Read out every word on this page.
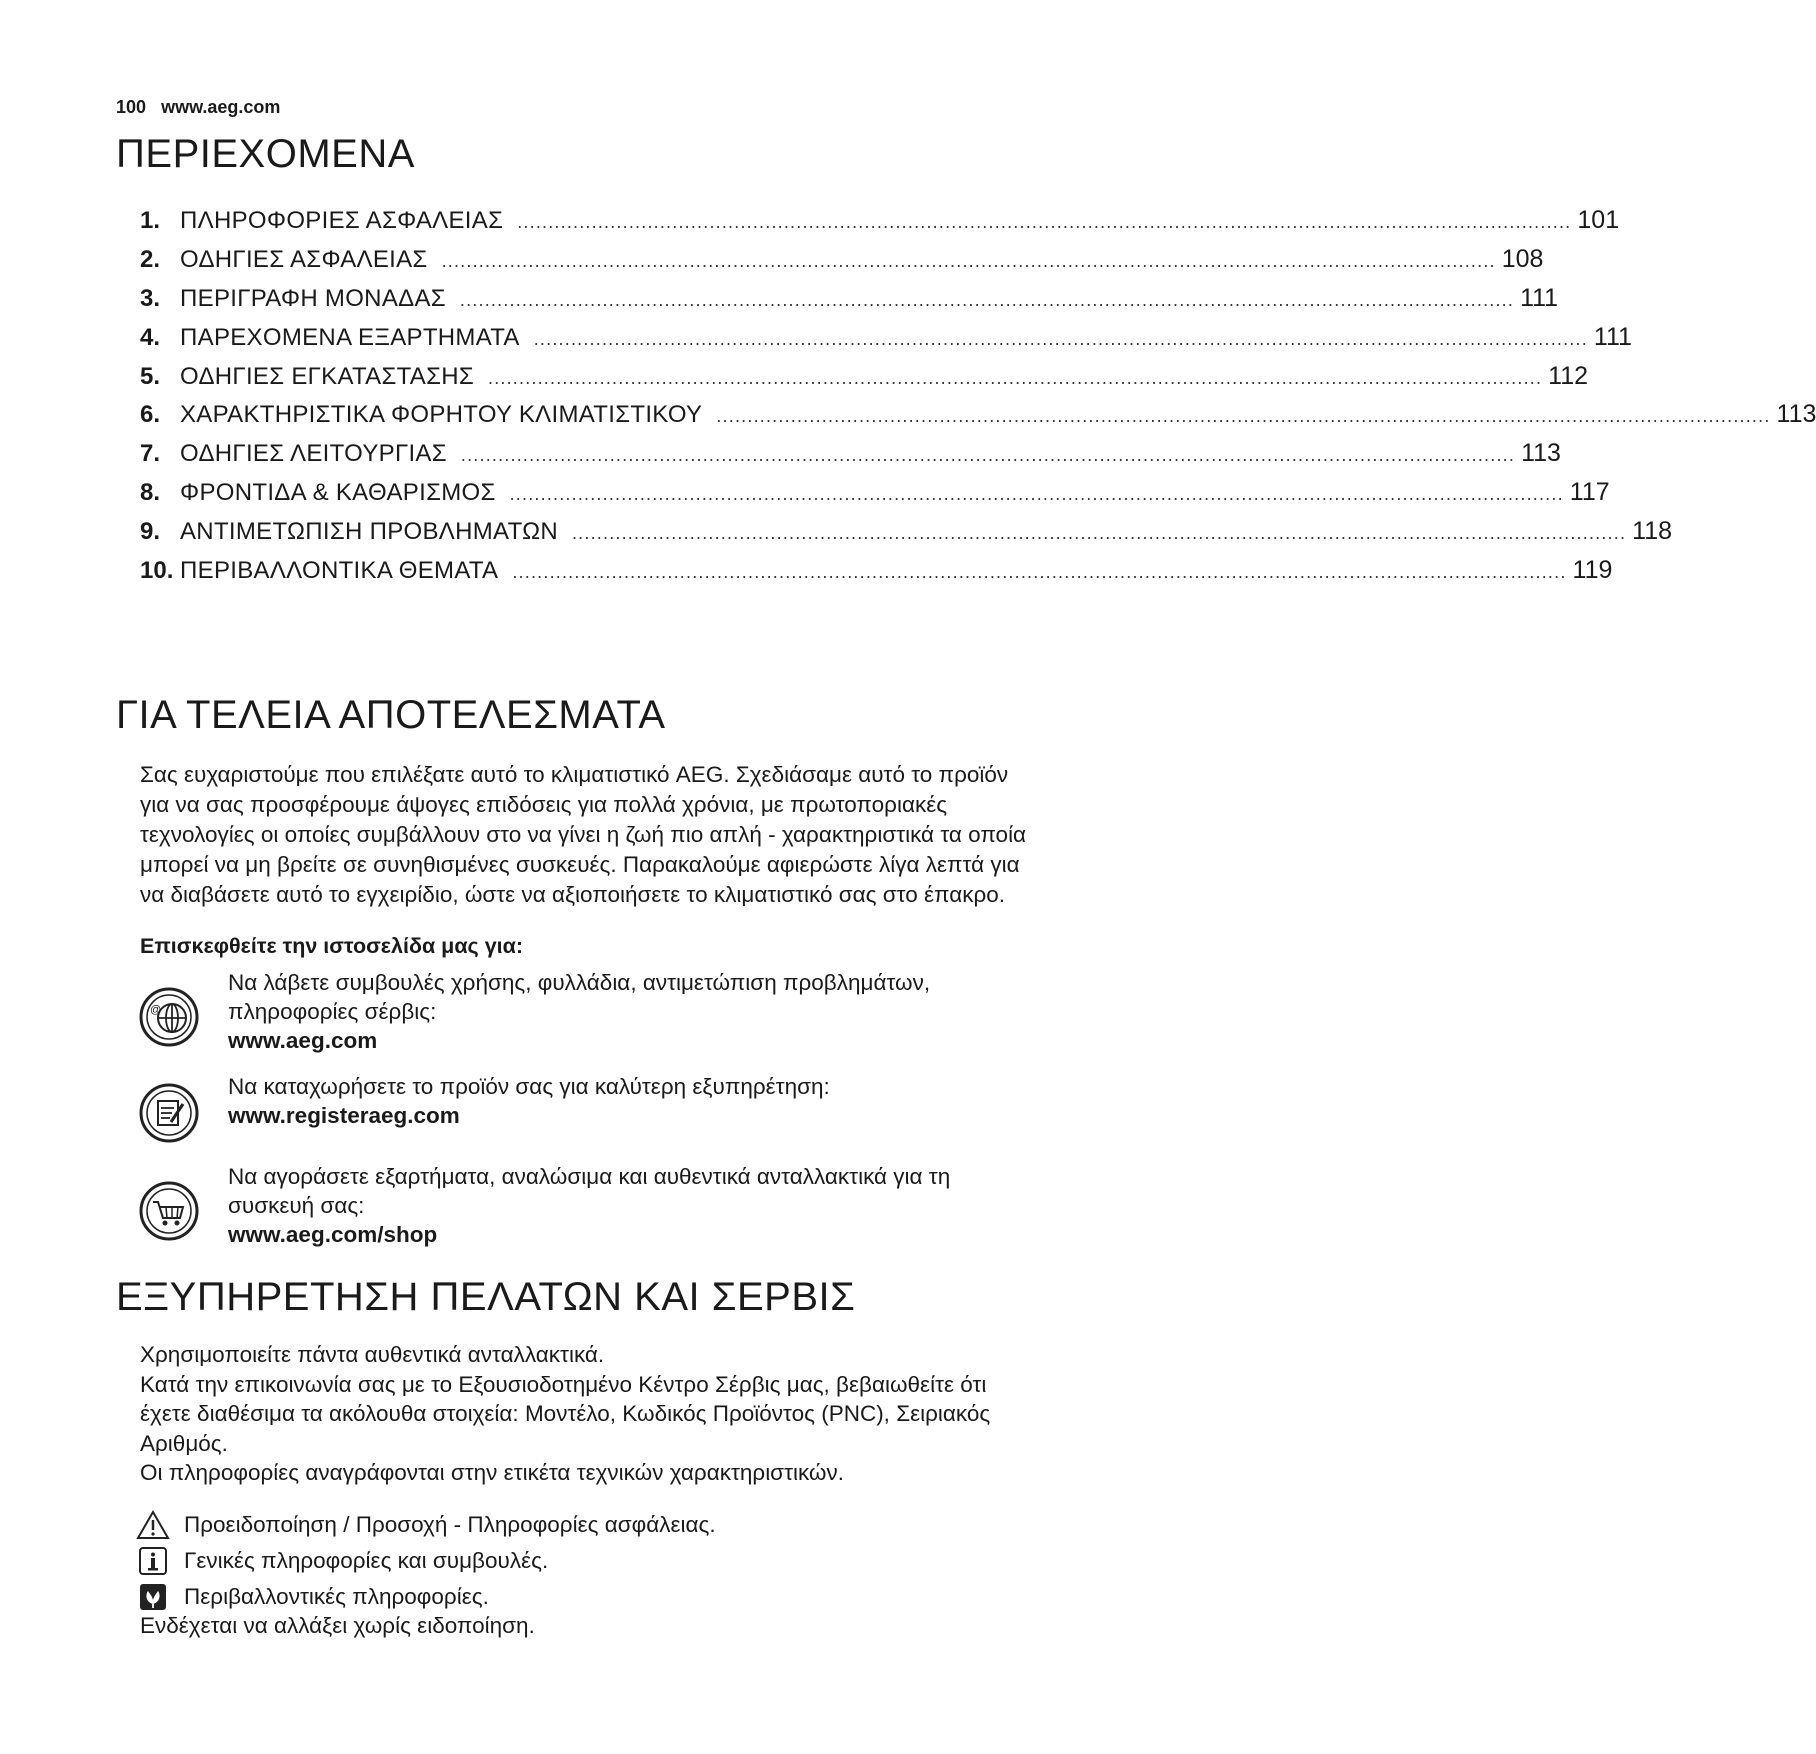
100 www.aeg.com
ΠΕΡΙΕΧΟΜΕΝΑ
1. ΠΛΗΡΟΦΟΡΙΕΣ ΑΣΦΑΛΕΙΑΣ .......................................................................................................................................................................... 101
2. ΟΔΗΓΙΕΣ ΑΣΦΑΛΕΙΑΣ .......................................................................................................................................................................... 108
3. ΠΕΡΙΓΡΑΦΗ ΜΟΝΑΔΑΣ .......................................................................................................................................................................... 111
4. ΠΑΡΕΧΟΜΕΝΑ ΕΞΑΡΤΗΜΑΤΑ .......................................................................................................................................................................... 111
5. ΟΔΗΓΙΕΣ ΕΓΚΑΤΑΣΤΑΣΗΣ .......................................................................................................................................................................... 112
6. ΧΑΡΑΚΤΗΡΙΣΤΙΚΑ ΦΟΡΗΤΟΥ ΚΛΙΜΑΤΙΣΤΙΚΟΥ .......................................................................................................................................................................... 113
7. ΟΔΗΓΙΕΣ ΛΕΙΤΟΥΡΓΙΑΣ .......................................................................................................................................................................... 113
8. ΦΡΟΝΤΙΔΑ & ΚΑΘΑΡΙΣΜΟΣ .......................................................................................................................................................................... 117
9. ΑΝΤΙΜΕΤΩΠΙΣΗ ΠΡΟΒΛΗΜΑΤΩΝ .......................................................................................................................................................................... 118
10. ΠΕΡΙΒΑΛΛΟΝΤΙΚΑ ΘΕΜΑΤΑ .......................................................................................................................................................................... 119
ΓΙΑ ΤΕΛΕΙΑ ΑΠΟΤΕΛΕΣΜΑΤΑ
Σας ευχαριστούμε που επιλέξατε αυτό το κλιματιστικό AEG. Σχεδιάσαμε αυτό το προϊόν
για να σας προσφέρουμε άψογες επιδόσεις για πολλά χρόνια, με πρωτοποριακές
τεχνολογίες οι οποίες συμβάλλουν στο να γίνει η ζωή πιο απλή - χαρακτηριστικά τα οποία
μπορεί να μη βρείτε σε συνηθισμένες συσκευές. Παρακαλούμε αφιερώστε λίγα λεπτά για
να διαβάσετε αυτό το εγχειρίδιο, ώστε να αξιοποιήσετε το κλιματιστικό σας στο έπακρο.
Επισκεφθείτε την ιστοσελίδα μας για:
@
Να λάβετε συμβουλές χρήσης, φυλλάδια, αντιμετώπιση προβλημάτων,
πληροφορίες σέρβις:
www.aeg.com
Να καταχωρήσετε το προϊόν σας για καλύτερη εξυπηρέτηση:
www.registeraeg.com
Να αγοράσετε εξαρτήματα, αναλώσιμα και αυθεντικά ανταλλακτικά για τη
συσκευή σας:
www.aeg.com/shop
ΕΞΥΠΗΡΕΤΗΣΗ ΠΕΛΑΤΩΝ ΚΑΙ ΣΕΡΒΙΣ
Χρησιμοποιείτε πάντα αυθεντικά ανταλλακτικά.
Κατά την επικοινωνία σας με το Εξουσιοδοτημένο Κέντρο Σέρβις μας, βεβαιωθείτε ότι
έχετε διαθέσιμα τα ακόλουθα στοιχεία: Μοντέλο, Κωδικός Προϊόντος (PNC), Σειριακός
Αριθμός.
Οι πληροφορίες αναγράφονται στην ετικέτα τεχνικών χαρακτηριστικών.
Προειδοποίηση / Προσοχή - Πληροφορίες ασφάλειας.
Γενικές πληροφορίες και συμβουλές.
Περιβαλλοντικές πληροφορίες.
Ενδέχεται να αλλάξει χωρίς ειδοποίηση.
